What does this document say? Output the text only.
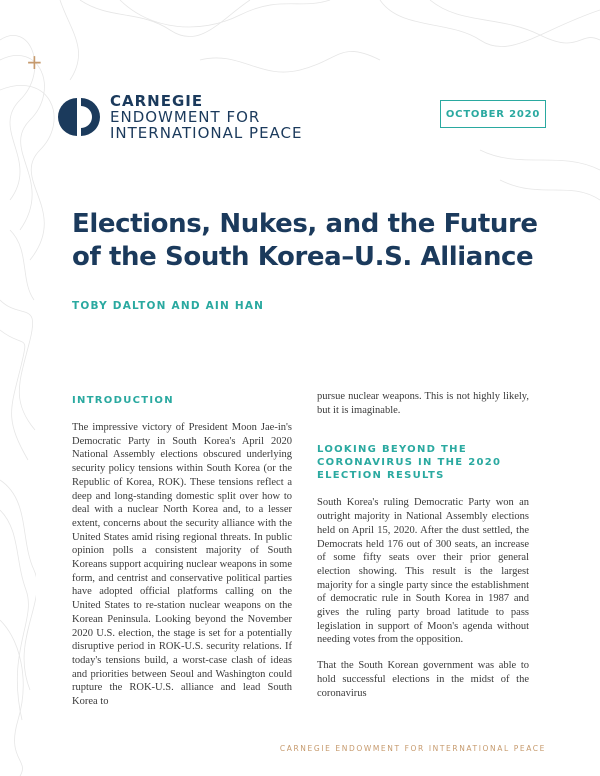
+
CARNEGIE
ENDOWMENT FOR
INTERNATIONAL PEACE
OCTOBER 2020
Elections, Nukes, and the Future of the South Korea–U.S. Alliance
TOBY DALTON AND AIN HAN
INTRODUCTION

The impressive victory of President Moon Jae-in's Democratic Party in South Korea's April 2020 National Assembly elections obscured underlying security policy tensions within South Korea (or the Republic of Korea, ROK). These tensions reflect a deep and long-standing domestic split over how to deal with a nuclear North Korea and, to a lesser extent, concerns about the security alliance with the United States amid rising regional threats. In public opinion polls a consistent majority of South Koreans support acquiring nuclear weapons in some form, and centrist and conservative political parties have adopted official platforms calling on the United States to re-station nuclear weapons on the Korean Peninsula. Looking beyond the November 2020 U.S. election, the stage is set for a potentially disruptive period in ROK-U.S. security relations. If today's tensions build, a worst-case clash of ideas and priorities between Seoul and Washington could rupture the ROK-U.S. alliance and lead South Korea to

pursue nuclear weapons. This is not highly likely, but it is imaginable.

LOOKING BEYOND THE CORONAVIRUS IN THE 2020 ELECTION RESULTS

South Korea's ruling Democratic Party won an outright majority in National Assembly elections held on April 15, 2020. After the dust settled, the Democrats held 176 out of 300 seats, an increase of some fifty seats over their prior general election showing. This result is the largest majority for a single party since the establishment of democratic rule in South Korea in 1987 and gives the ruling party broad latitude to pass legislation in support of Moon's agenda without needing votes from the opposition.

That the South Korean government was able to hold successful elections in the midst of the coronavirus

CARNEGIE ENDOWMENT FOR INTERNATIONAL PEACE
